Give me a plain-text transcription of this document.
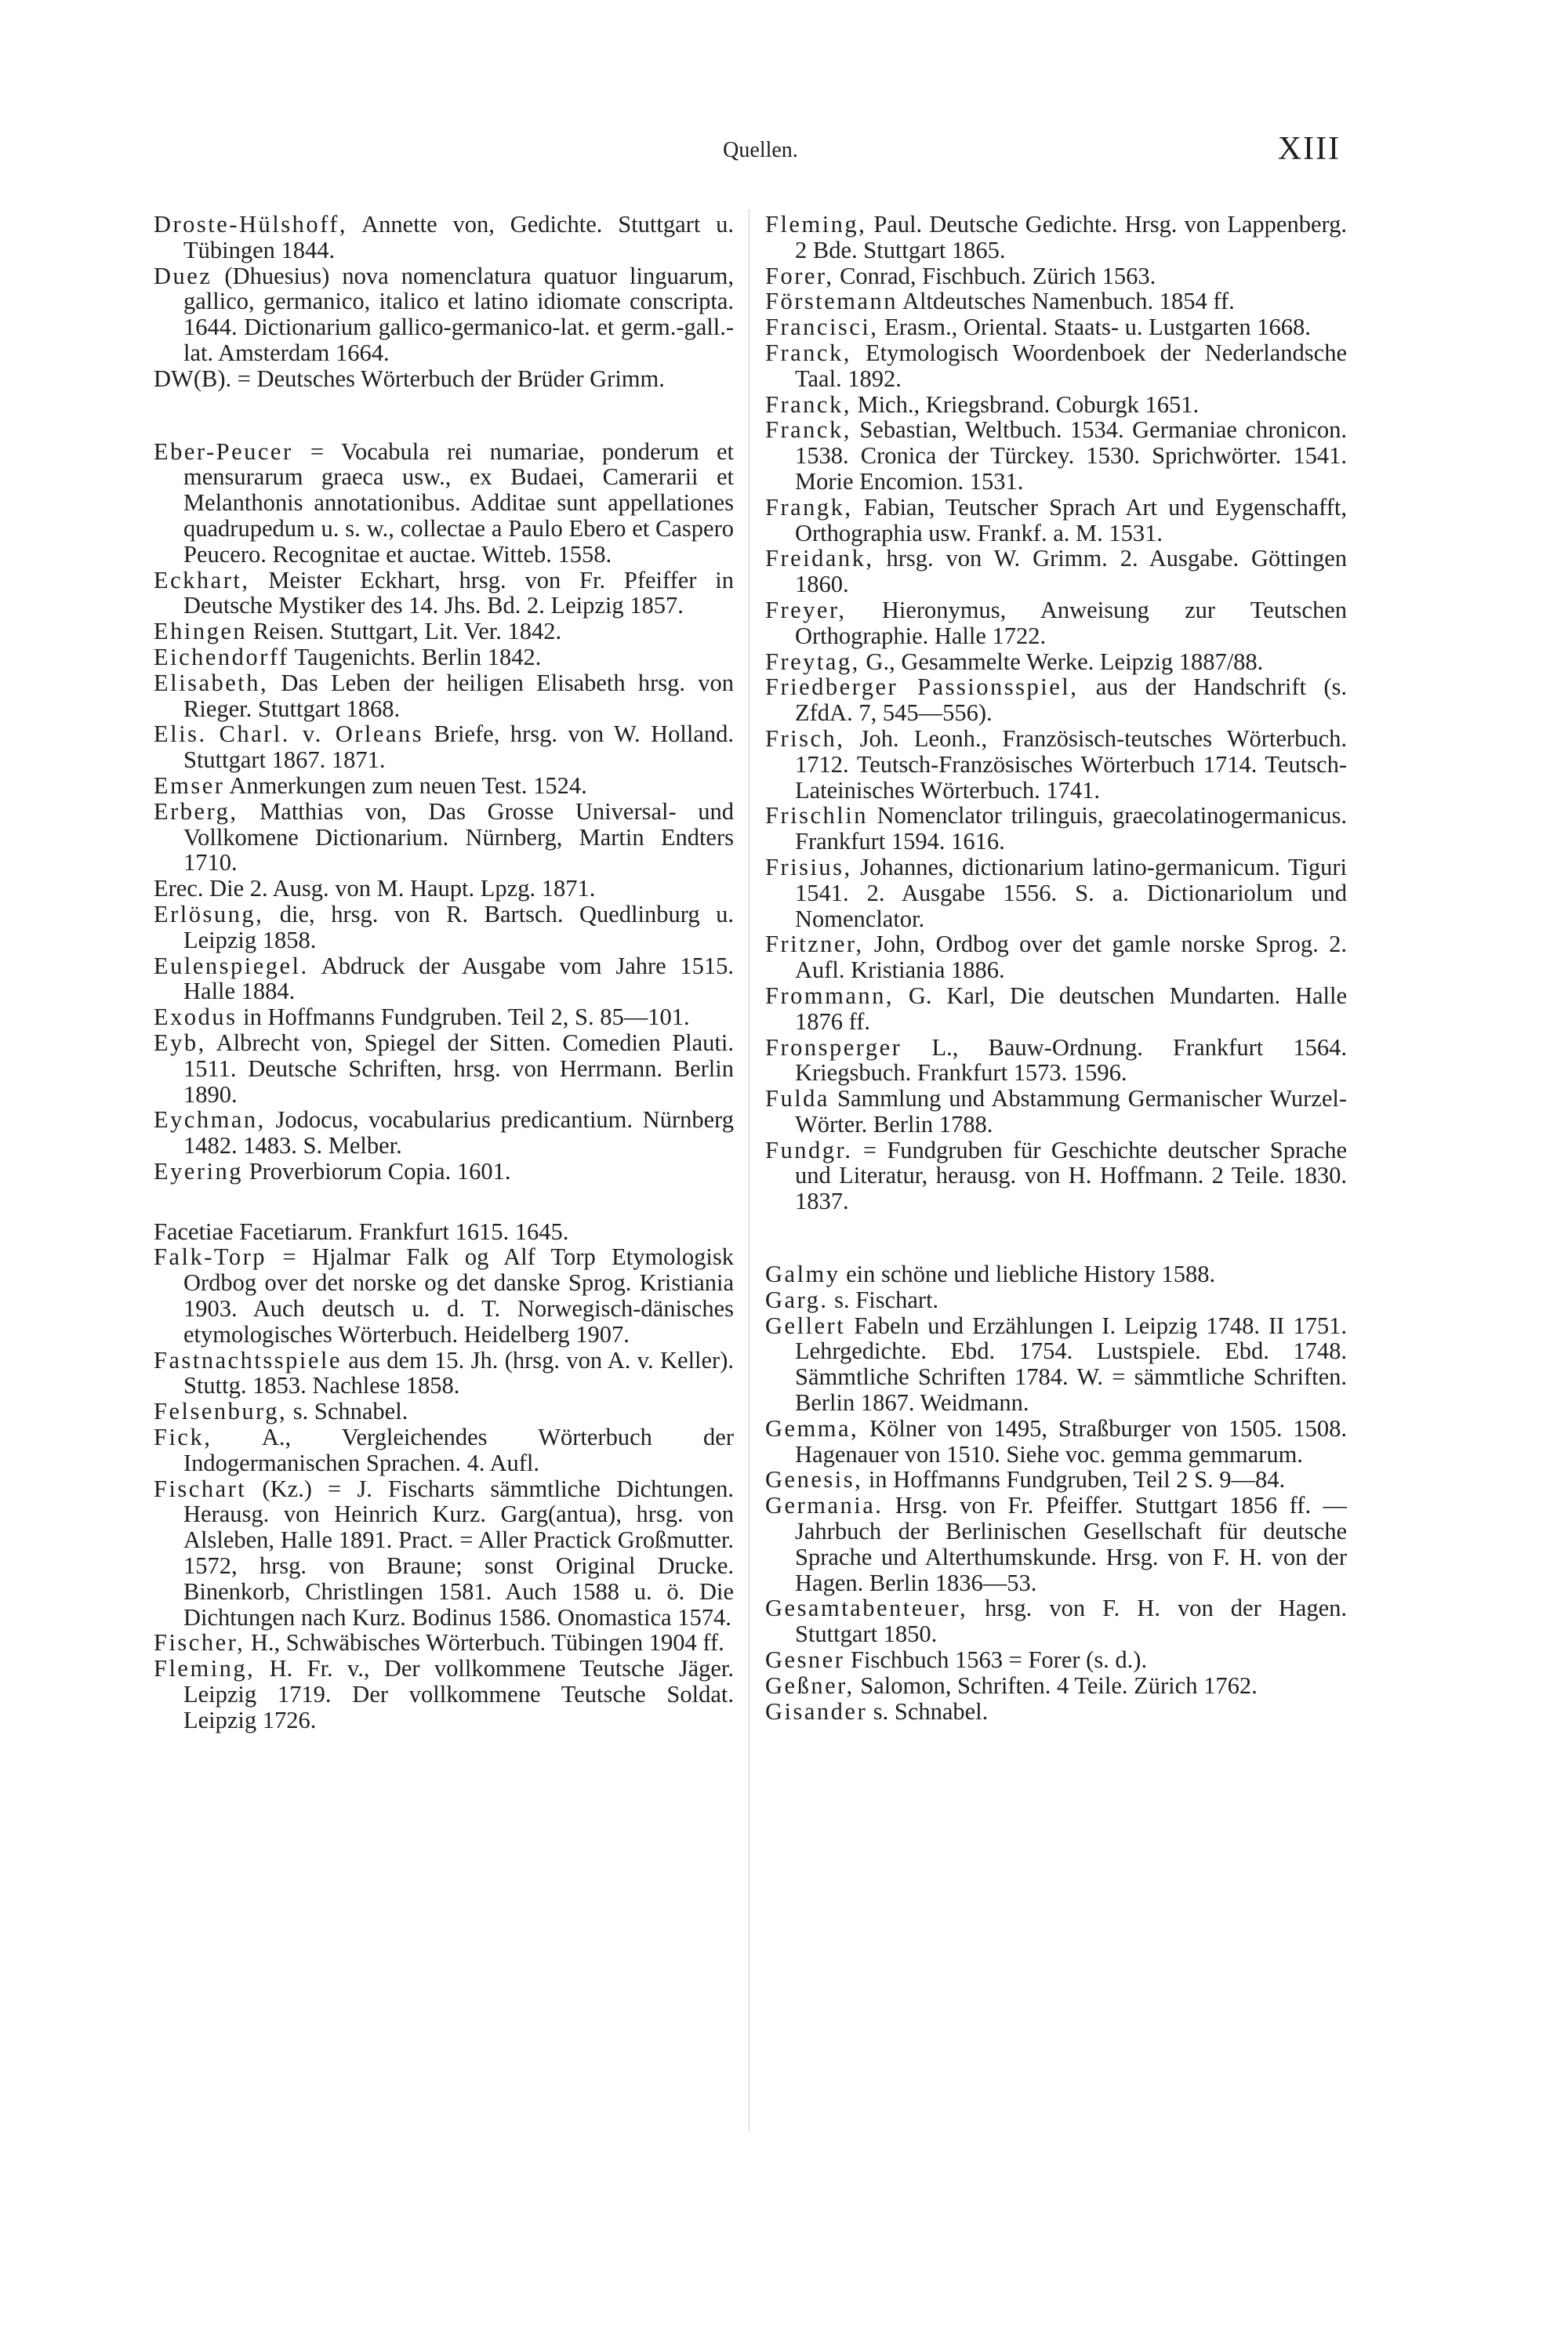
Quellen.	XIII

Droste-Hülshoff, Annette von, Gedichte. Stuttgart u. Tübingen 1844.

Duez (Dhuesius) nova nomenclatura quatuor linguarum, gallico, germanico, italico et latino idiomate conscripta. 1644. Dictionarium gallico-germanico-lat. et germ.-gall.-lat. Amsterdam 1664.

DW(B). = Deutsches Wörterbuch der Brüder Grimm.

Eber-Peucer = Vocabula rei numariae, ponderum et mensurarum graeca usw., ex Budaei, Camerarii et Melanthonis annotationibus. Additae sunt appellationes quadrupedum u. s. w., collectae a Paulo Ebero et Caspero Peucero. Recognitae et auctae. Witteb. 1558.

Eckhart, Meister Eckhart, hrsg. von Fr. Pfeiffer in Deutsche Mystiker des 14. Jhs. Bd. 2. Leipzig 1857.

Ehingen Reisen. Stuttgart, Lit. Ver. 1842.

Eichendorff Taugenichts. Berlin 1842.

Elisabeth, Das Leben der heiligen Elisabeth hrsg. von Rieger. Stuttgart 1868.

Elis. Charl. v. Orleans Briefe, hrsg. von W. Holland. Stuttgart 1867. 1871.

Emser Anmerkungen zum neuen Test. 1524.

Erberg, Matthias von, Das Grosse Universal- und Vollkomene Dictionarium. Nürnberg, Martin Endters 1710.

Erec. Die 2. Ausg. von M. Haupt. Lpzg. 1871.

Erlösung, die, hrsg. von R. Bartsch. Quedlinburg u. Leipzig 1858.

Eulenspiegel. Abdruck der Ausgabe vom Jahre 1515. Halle 1884.

Exodus in Hoffmanns Fundgruben. Teil 2, S. 85—101.

Eyb, Albrecht von, Spiegel der Sitten. Comedien Plauti. 1511. Deutsche Schriften, hrsg. von Herrmann. Berlin 1890.

Eychman, Jodocus, vocabularius predicantium. Nürnberg 1482. 1483. S. Melber.

Eyering Proverbiorum Copia. 1601.

Facetiae Facetiarum. Frankfurt 1615. 1645.

Falk-Torp = Hjalmar Falk og Alf Torp Etymologisk Ordbog over det norske og det danske Sprog. Kristiania 1903. Auch deutsch u. d. T. Norwegisch-dänisches etymologisches Wörterbuch. Heidelberg 1907.

Fastnachtsspiele aus dem 15. Jh. (hrsg. von A. v. Keller). Stuttg. 1853. Nachlese 1858.

Felsenburg, s. Schnabel.

Fick, A., Vergleichendes Wörterbuch der Indogermanischen Sprachen. 4. Aufl.

Fischart (Kz.) = J. Fischarts sämmtliche Dichtungen. Herausg. von Heinrich Kurz. Garg(antua), hrsg. von Alsleben, Halle 1891. Pract. = Aller Practick Großmutter. 1572, hrsg. von Braune; sonst Original Drucke. Binenkorb, Christlingen 1581. Auch 1588 u. ö. Die Dichtungen nach Kurz. Bodinus 1586. Onomastica 1574.

Fischer, H., Schwäbisches Wörterbuch. Tübingen 1904 ff.

Fleming, H. Fr. v., Der vollkommene Teutsche Jäger. Leipzig 1719. Der vollkommene Teutsche Soldat. Leipzig 1726.

Fleming, Paul. Deutsche Gedichte. Hrsg. von Lappenberg. 2 Bde. Stuttgart 1865.

Forer, Conrad, Fischbuch. Zürich 1563.

Förstemann Altdeutsches Namenbuch. 1854 ff.

Francisci, Erasm., Oriental. Staats- u. Lustgarten 1668.

Franck, Etymologisch Woordenboek der Nederlandsche Taal. 1892.

Franck, Mich., Kriegsbrand. Coburgk 1651.

Franck, Sebastian, Weltbuch. 1534. Germaniae chronicon. 1538. Cronica der Türckey. 1530. Sprichwörter. 1541. Morie Encomion. 1531.

Frangk, Fabian, Teutscher Sprach Art und Eygenschafft, Orthographia usw. Frankf. a. M. 1531.

Freidank, hrsg. von W. Grimm. 2. Ausgabe. Göttingen 1860.

Freyer, Hieronymus, Anweisung zur Teutschen Orthographie. Halle 1722.

Freytag, G., Gesammelte Werke. Leipzig 1887/88.

Friedberger Passionsspiel, aus der Handschrift (s. ZfdA. 7, 545—556).

Frisch, Joh. Leonh., Französisch-teutsches Wörterbuch. 1712. Teutsch-Französisches Wörterbuch 1714. Teutsch-Lateinisches Wörterbuch. 1741.

Frischlin Nomenclator trilinguis, graecolatinogermanicus. Frankfurt 1594. 1616.

Frisius, Johannes, dictionarium latino-germanicum. Tiguri 1541. 2. Ausgabe 1556. S. a. Dictionariolum und Nomenclator.

Fritzner, John, Ordbog over det gamle norske Sprog. 2. Aufl. Kristiania 1886.

Frommann, G. Karl, Die deutschen Mundarten. Halle 1876 ff.

Fronsperger L., Bauw-Ordnung. Frankfurt 1564. Kriegsbuch. Frankfurt 1573. 1596.

Fulda Sammlung und Abstammung Germanischer Wurzel-Wörter. Berlin 1788.

Fundgr. = Fundgruben für Geschichte deutscher Sprache und Literatur, herausg. von H. Hoffmann. 2 Teile. 1830. 1837.

Galmy ein schöne und liebliche History 1588.

Garg. s. Fischart.

Gellert Fabeln und Erzählungen I. Leipzig 1748. II 1751. Lehrgedichte. Ebd. 1754. Lustspiele. Ebd. 1748. Sämmtliche Schriften 1784. W. = sämmtliche Schriften. Berlin 1867. Weidmann.

Gemma, Kölner von 1495, Straßburger von 1505. 1508. Hagenauer von 1510. Siehe voc. gemma gemmarum.

Genesis, in Hoffmanns Fundgruben, Teil 2 S. 9—84.

Germania. Hrsg. von Fr. Pfeiffer. Stuttgart 1856 ff. — Jahrbuch der Berlinischen Gesellschaft für deutsche Sprache und Alterthumskunde. Hrsg. von F. H. von der Hagen. Berlin 1836—53.

Gesamtabenteuer, hrsg. von F. H. von der Hagen. Stuttgart 1850.

Gesner Fischbuch 1563 = Forer (s. d.).

Geßner, Salomon, Schriften. 4 Teile. Zürich 1762.

Gisander s. Schnabel.
